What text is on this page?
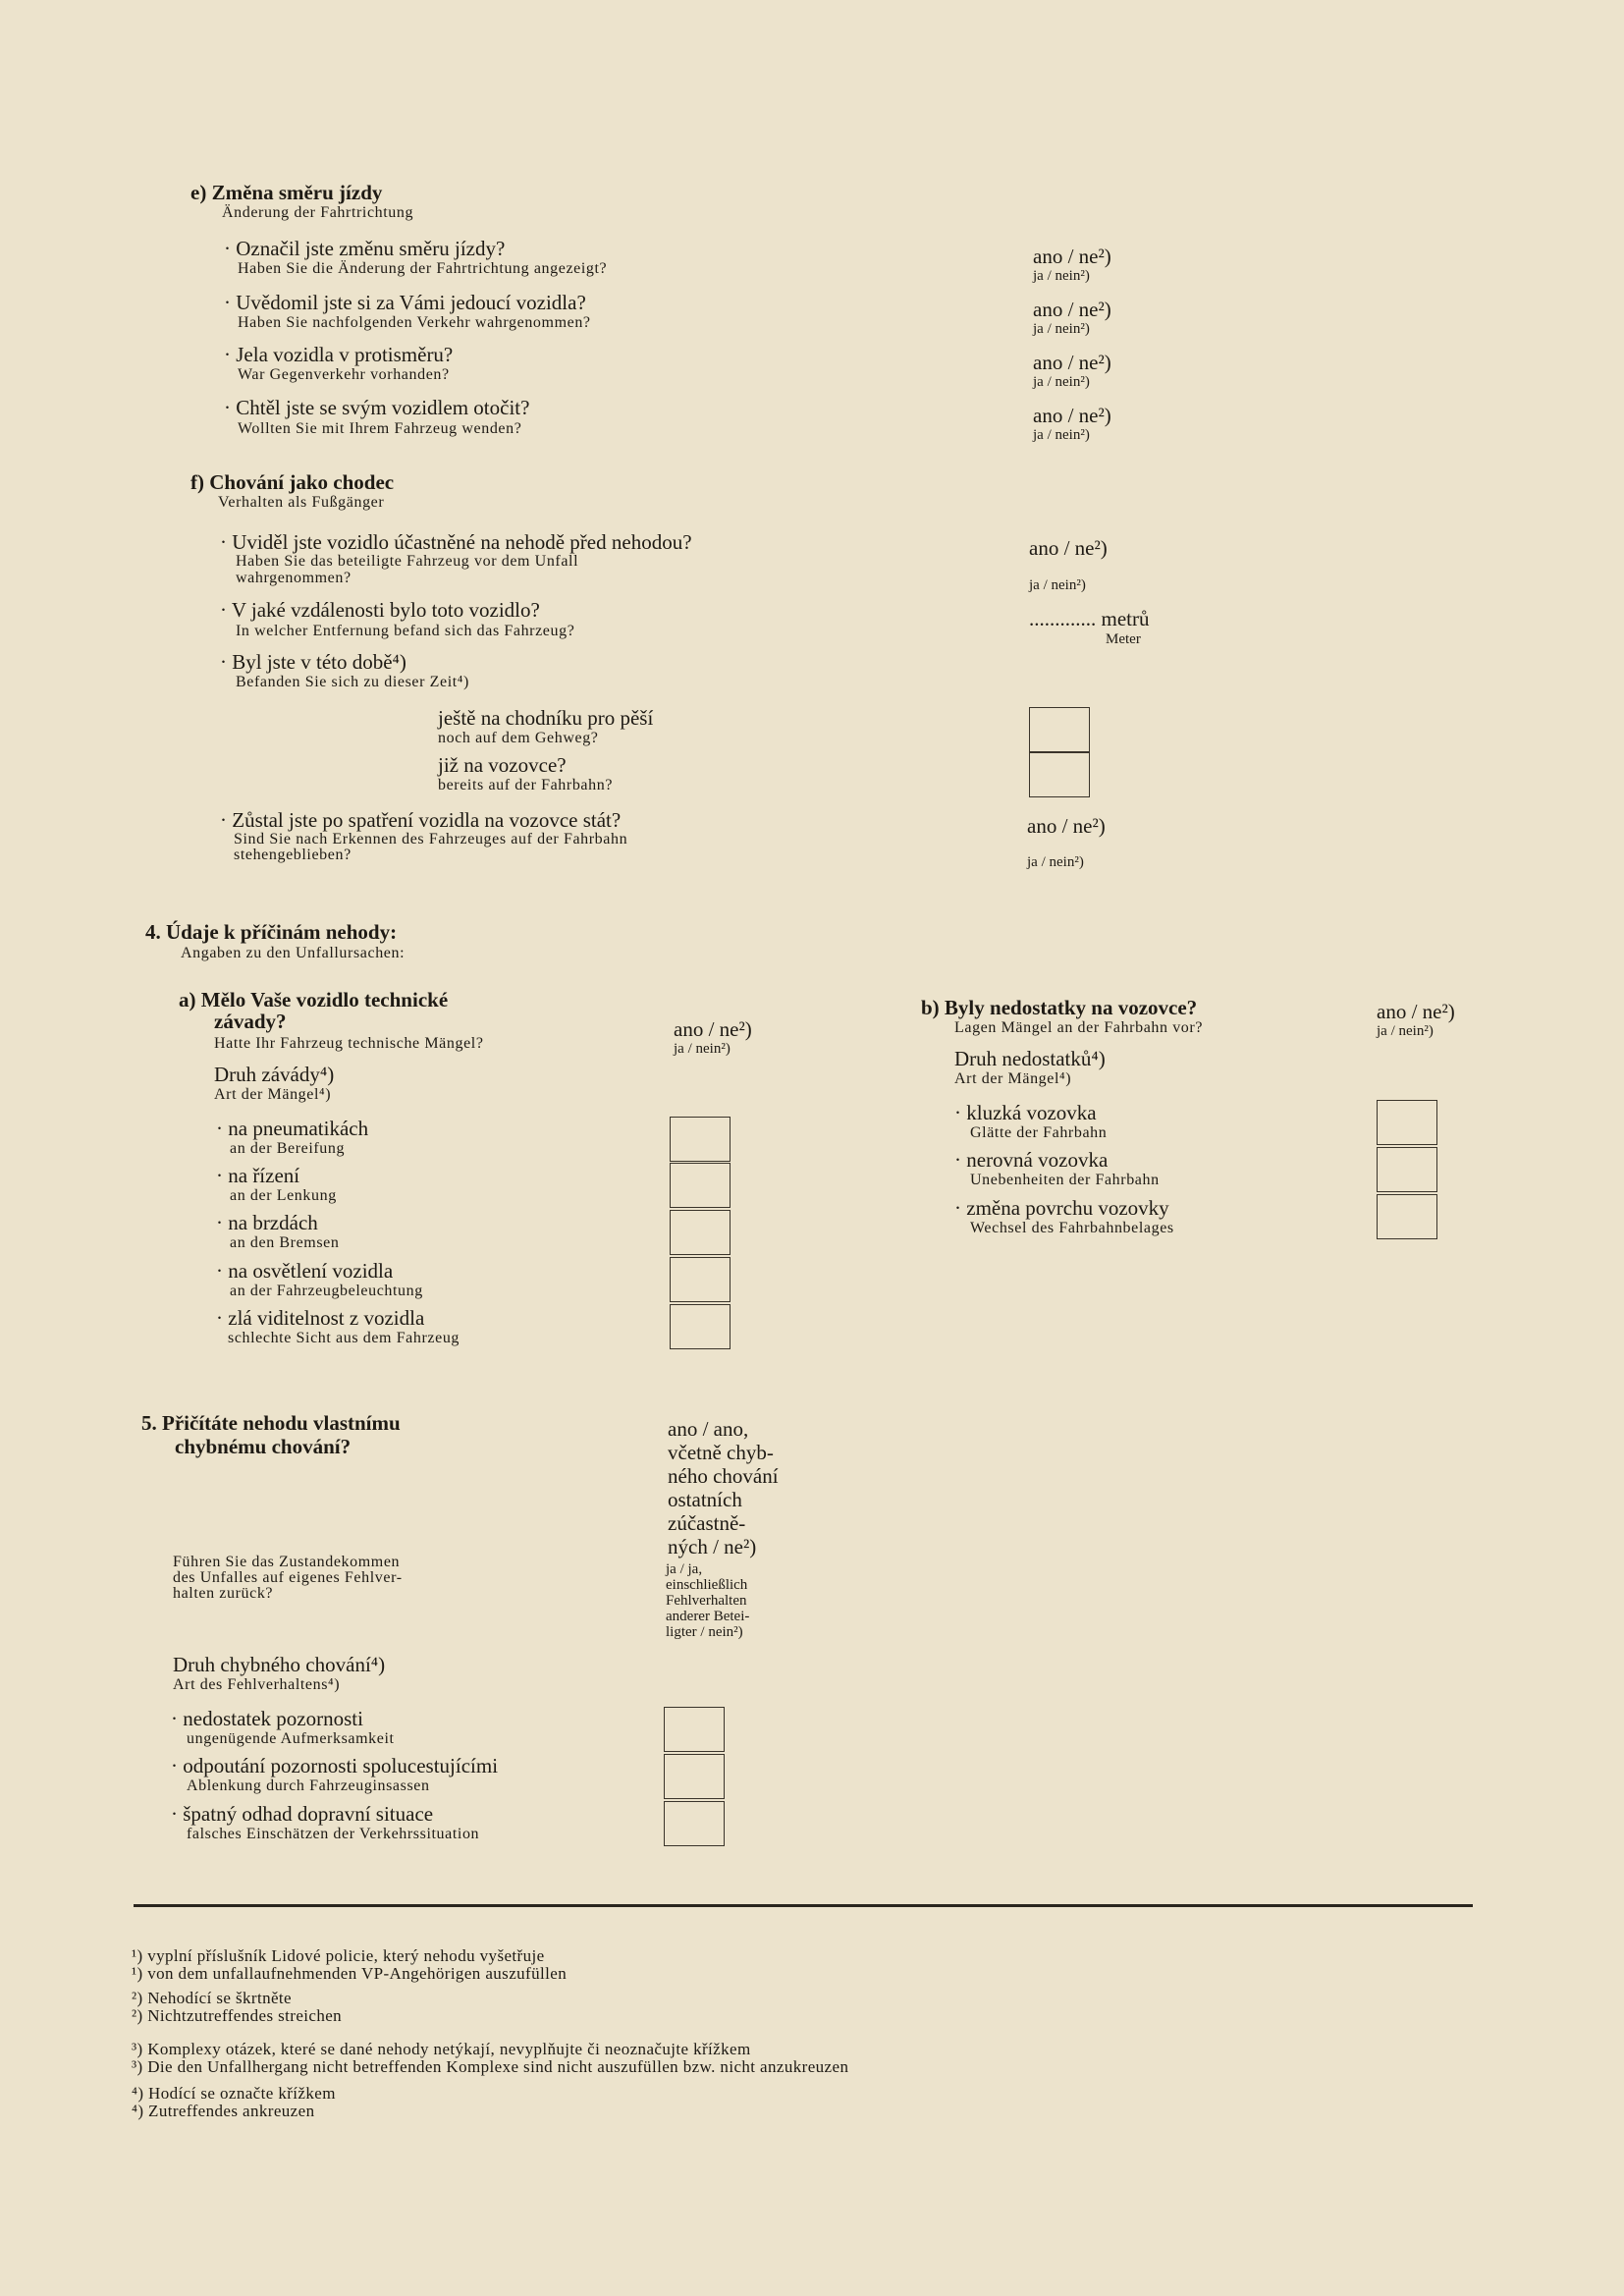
e) Změna směru jízdy
Änderung der Fahrtrichtung
· Označil jste změnu směru jízdy?
Haben Sie die Änderung der Fahrtrichtung angezeigt?
ano / ne²)
ja / nein²)
· Uvědomil jste si za Vámi jedoucí vozidla?
Haben Sie nachfolgenden Verkehr wahrgenommen?
ano / ne²)
ja / nein²)
· Jela vozidla v protisměru?
War Gegenverkehr vorhanden?
ano / ne²)
ja / nein²)
· Chtěl jste se svým vozidlem otočit?
Wollten Sie mit Ihrem Fahrzeug wenden?
ano / ne²)
ja / nein²)
f) Chování jako chodec
Verhalten als Fußgänger
· Uviděl jste vozidlo účastněné na nehodě před nehodou?
Haben Sie das beteiligte Fahrzeug vor dem Unfall
wahrgenommen?
ano / ne²)
ja / nein²)
· V jaké vzdálenosti bylo toto vozidlo?
In welcher Entfernung befand sich das Fahrzeug?
............. metrů
Meter
· Byl jste v této době⁴)
Befanden Sie sich zu dieser Zeit⁴)
ještě na chodníku pro pěší
noch auf dem Gehweg?
již na vozovce?
bereits auf der Fahrbahn?
· Zůstal jste po spatření vozidla na vozovce stát?
Sind Sie nach Erkennen des Fahrzeuges auf der Fahrbahn
stehengeblieben?
ano / ne²)
ja / nein²)
4. Údaje k příčinám nehody:
Angaben zu den Unfallursachen:
a) Mělo Vaše vozidlo technické
závady?
Hatte Ihr Fahrzeug technische Mängel?
ano / ne²)
ja / nein²)
Druh závády⁴)
Art der Mängel⁴)
· na pneumatikách
an der Bereifung
· na řízení
an der Lenkung
· na brzdách
an den Bremsen
· na osvětlení vozidla
an der Fahrzeugbeleuchtung
· zlá viditelnost z vozidla
schlechte Sicht aus dem Fahrzeug
b) Byly nedostatky na vozovce?
Lagen Mängel an der Fahrbahn vor?
ano / ne²)
ja / nein²)
Druh nedostatků⁴)
Art der Mängel⁴)
· kluzká vozovka
Glätte der Fahrbahn
· nerovná vozovka
Unebenheiten der Fahrbahn
· změna povrchu vozovky
Wechsel des Fahrbahnbelages
5. Přičítáte nehodu vlastnímu
chybnému chování?
ano / ano,
včetně chyb-
ného chování
ostatních
zúčastně-
ných / ne²)
ja / ja,
einschließlich
Fehlverhalten
anderer Betei-
ligter / nein²)
Führen Sie das Zustandekommen
des Unfalles auf eigenes Fehlver-
halten zurück?
Druh chybného chování⁴)
Art des Fehlverhaltens⁴)
· nedostatek pozornosti
ungenügende Aufmerksamkeit
· odpoutání pozornosti spolucestujícími
Ablenkung durch Fahrzeuginsassen
· špatný odhad dopravní situace
falsches Einschätzen der Verkehrssituation
¹) vyplní příslušník Lidové policie, který nehodu vyšetřuje
¹) von dem unfallaufnehmenden VP-Angehörigen auszufüllen
²) Nehodící se škrtněte
²) Nichtzutreffendes streichen
³) Komplexy otázek, které se dané nehody netýkají, nevyplňujte či neoznačujte křížkem
³) Die den Unfallhergang nicht betreffenden Komplexe sind nicht auszufüllen bzw. nicht anzukreuzen
⁴) Hodící se označte křížkem
⁴) Zutreffendes ankreuzen
